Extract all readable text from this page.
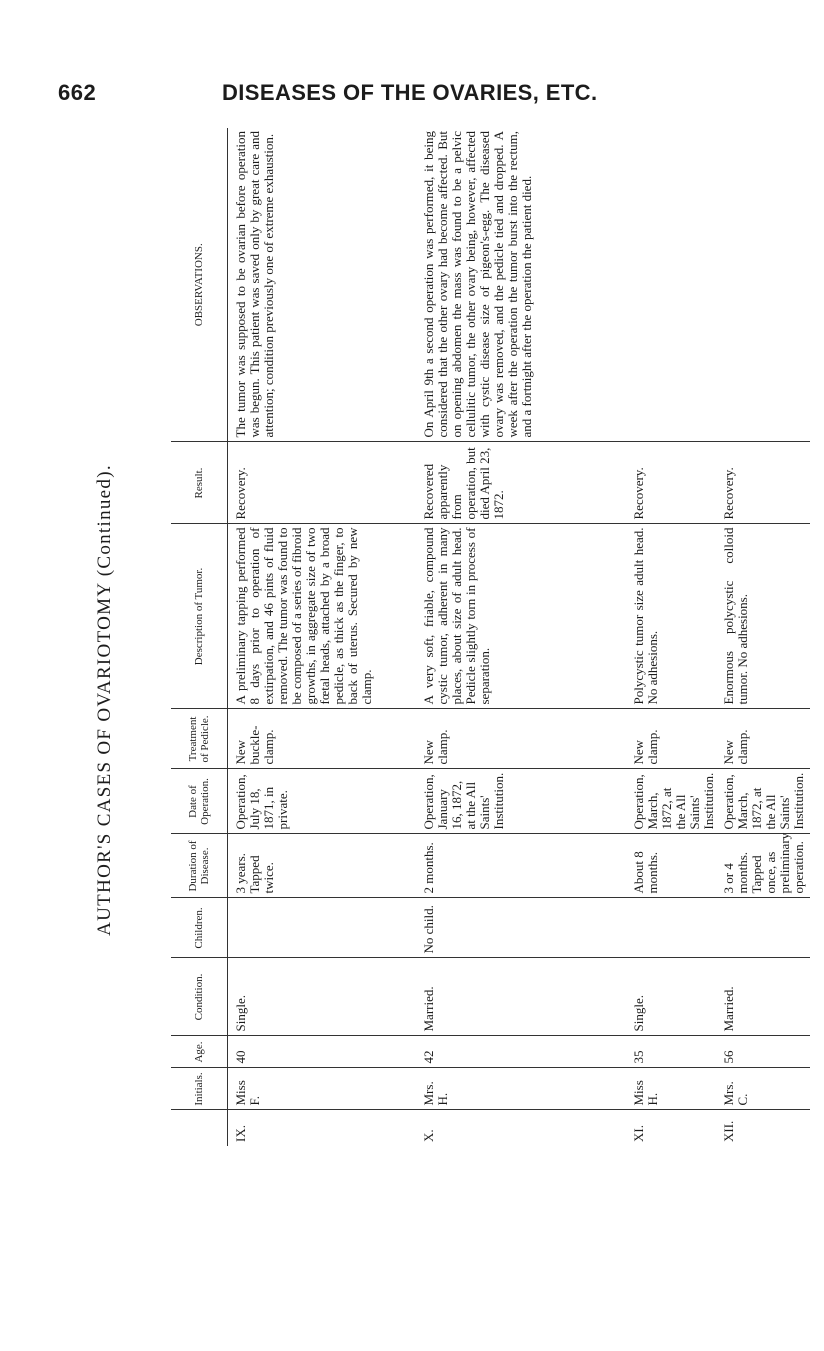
662	DISEASES OF THE OVARIES, ETC.
AUTHOR'S CASES OF OVARIOTOMY (Continued).
	Initials.	Age.	Condition.	Children.	Duration of Disease.	Date of Operation.	Treatment of Pedicle.	Description of Tumor.	Result.	OBSERVATIONS.
IX.	Miss F.	40	Single.		3 years. Tapped twice.	Operation, July 18, 1871, in private.	New buckle-clamp.	A preliminary tapping performed 8 days prior to operation of extirpation, and 46 pints of fluid removed. The tumor was found to be composed of a series of fibroid growths, in aggregate size of two fœtal heads, attached by a broad pedicle, as thick as the finger, to back of uterus. Secured by new clamp.	Recovery.	The tumor was supposed to be ovarian before operation was begun. This patient was saved only by great care and attention; condition previously one of extreme exhaustion.
X.	Mrs. H.	42	Married.	No child.	2 months.	Operation, January 16, 1872, at the All Saints' Institution.	New clamp.	A very soft, friable, compound cystic tumor, adherent in many places, about size of adult head. Pedicle slightly torn in process of separation.	Recovered apparently from operation, but died April 23, 1872.	On April 9th a second operation was performed, it being considered that the other ovary had become affected. But on opening abdomen the mass was found to be a pelvic cellulitic tumor, the other ovary being, however, affected with cystic disease size of pigeon's-egg. The diseased ovary was removed, and the pedicle tied and dropped. A week after the operation the tumor burst into the rectum, and a fortnight after the operation the patient died.
XI.	Miss H.	35	Single.		About 8 months.	Operation, March, 1872, at the All Saints' Institution.	New clamp.	Polycystic tumor size adult head. No adhesions.	Recovery.	
XII.	Mrs. C.	56	Married.		3 or 4 months. Tapped once, as preliminary operation.	Operation, March, 1872, at the All Saints' Institution.	New clamp.	Enormous polycystic colloid tumor. No adhesions.	Recovery.	
